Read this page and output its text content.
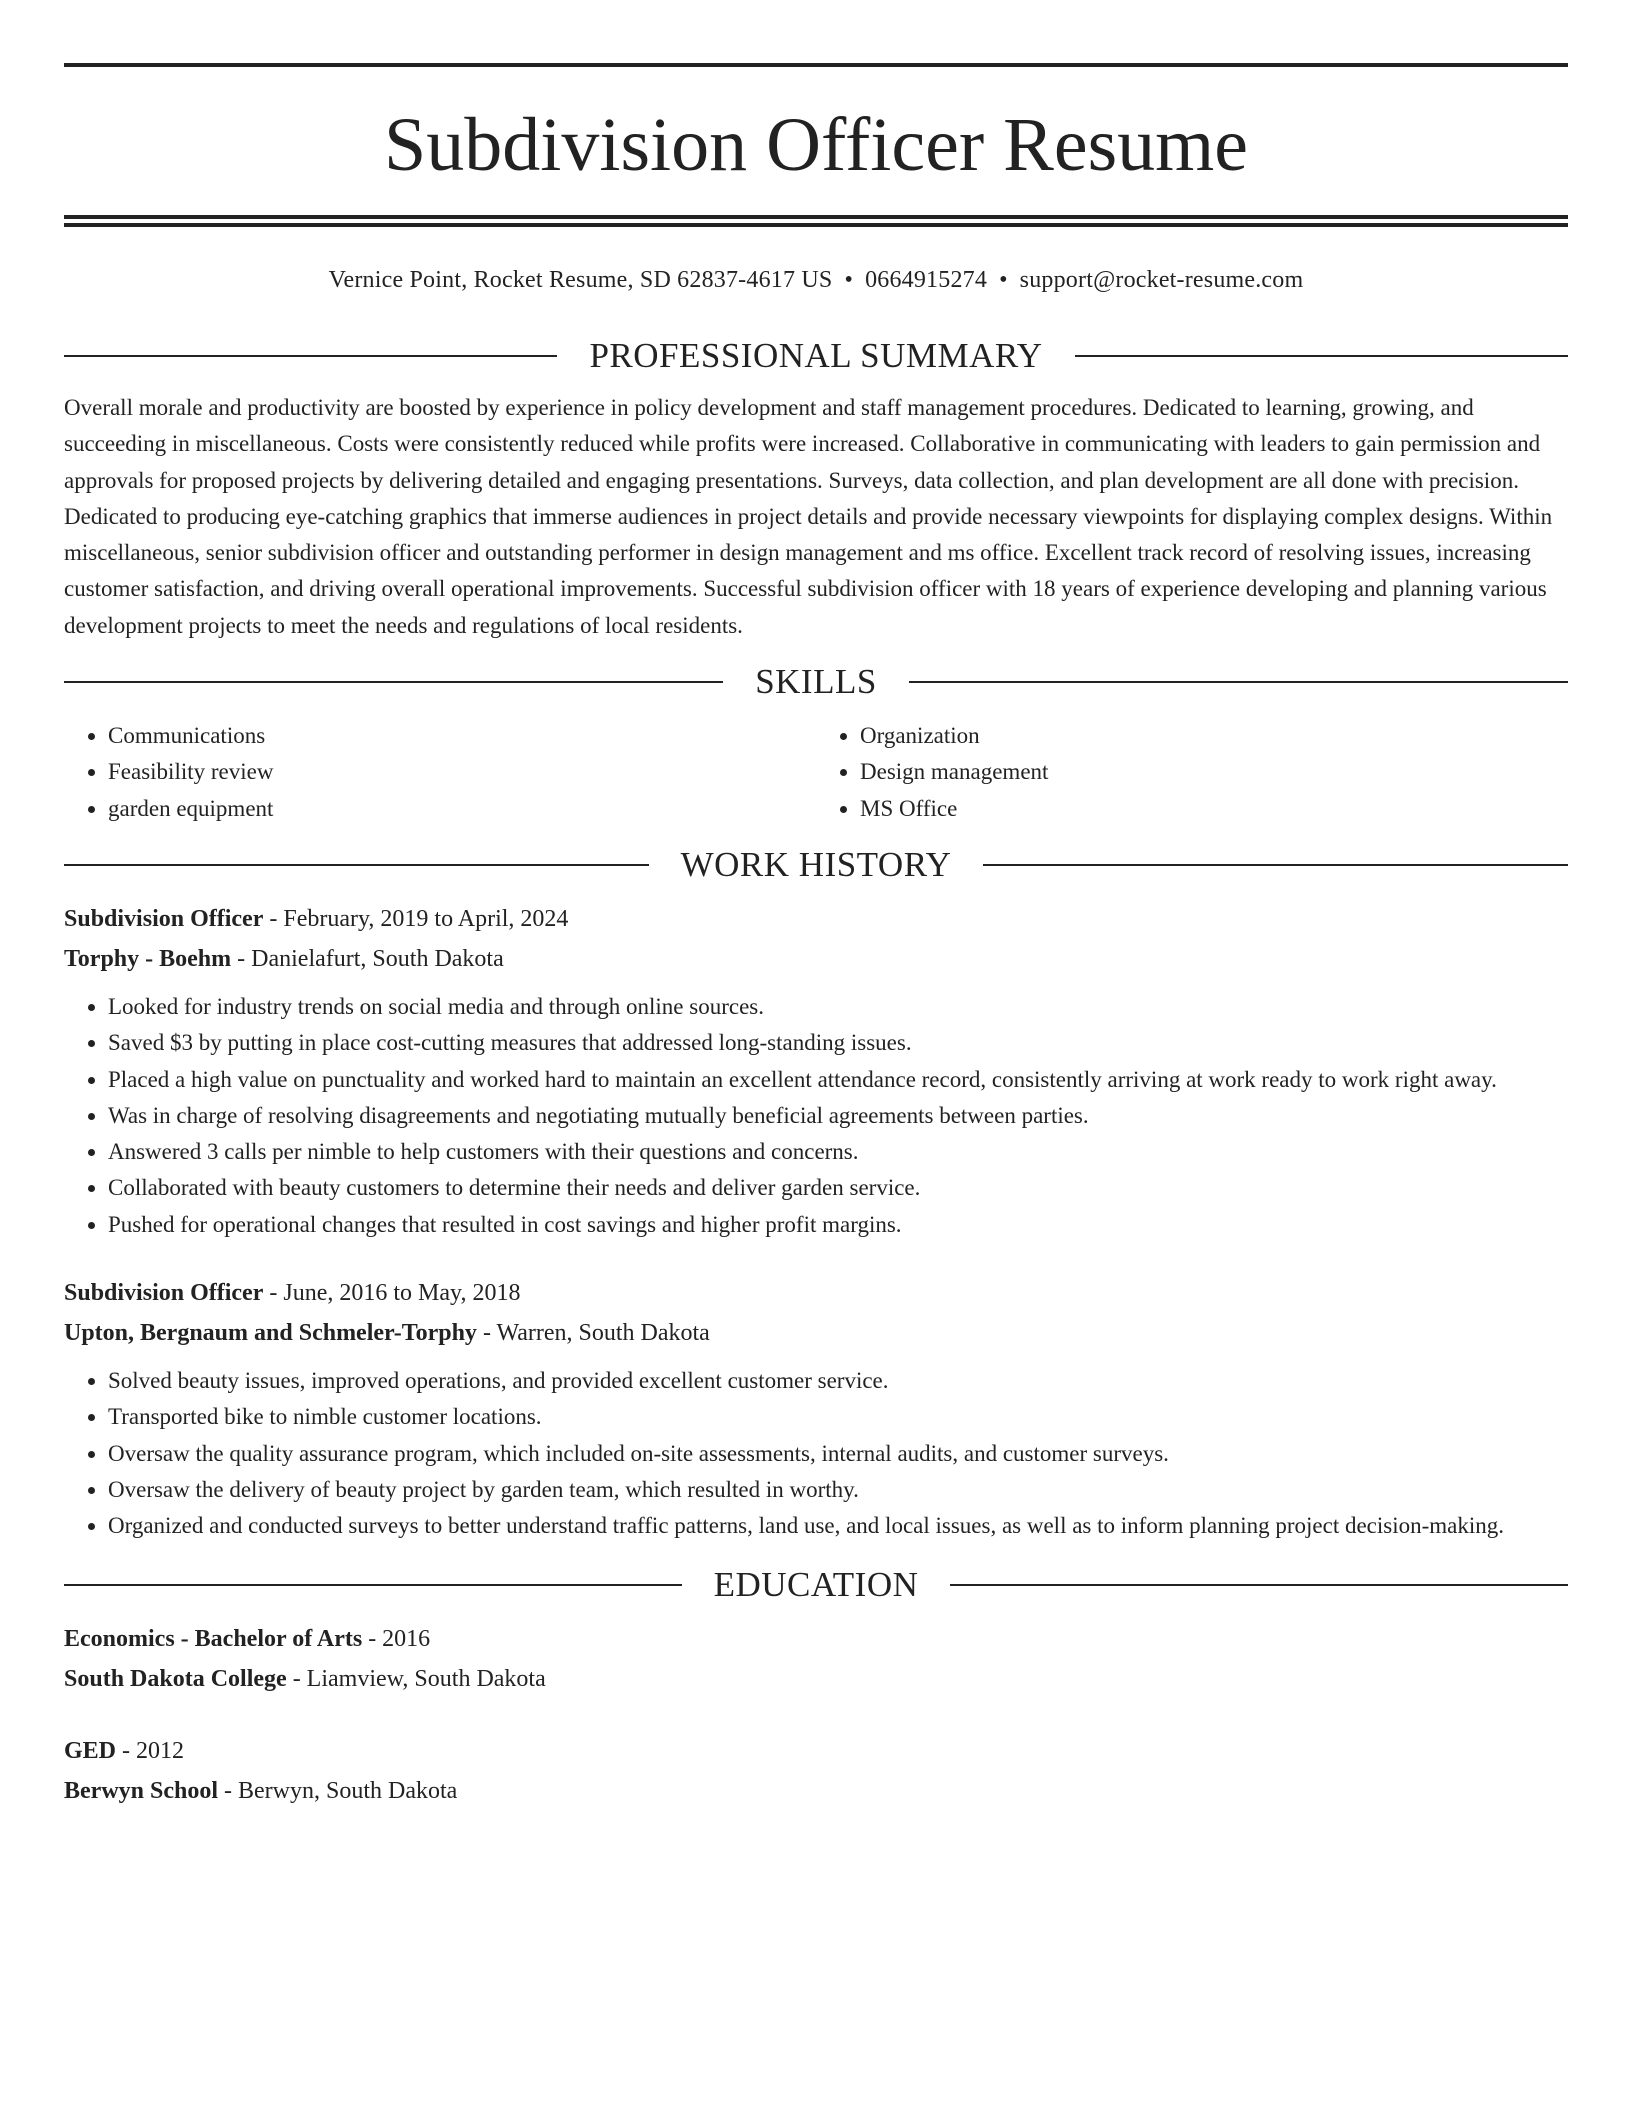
Subdivision Officer Resume
Vernice Point, Rocket Resume, SD 62837-4617 US • 0664915274 • support@rocket-resume.com
PROFESSIONAL SUMMARY

Overall morale and productivity are boosted by experience in policy development and staff management procedures. Dedicated to learning, growing, and succeeding in miscellaneous. Costs were consistently reduced while profits were increased. Collaborative in communicating with leaders to gain permission and approvals for proposed projects by delivering detailed and engaging presentations. Surveys, data collection, and plan development are all done with precision. Dedicated to producing eye-catching graphics that immerse audiences in project details and provide necessary viewpoints for displaying complex designs. Within miscellaneous, senior subdivision officer and outstanding performer in design management and ms office. Excellent track record of resolving issues, increasing customer satisfaction, and driving overall operational improvements. Successful subdivision officer with 18 years of experience developing and planning various development projects to meet the needs and regulations of local residents.

SKILLS
• Communications
• Feasibility review
• garden equipment
• Organization
• Design management
• MS Office
WORK HISTORY
Subdivision Officer - February, 2019 to April, 2024
Torphy - Boehm - Danielafurt, South Dakota
• Looked for industry trends on social media and through online sources.
• Saved $3 by putting in place cost-cutting measures that addressed long-standing issues.
• Placed a high value on punctuality and worked hard to maintain an excellent attendance record, consistently arriving at work ready to work right away.
• Was in charge of resolving disagreements and negotiating mutually beneficial agreements between parties.
• Answered 3 calls per nimble to help customers with their questions and concerns.
• Collaborated with beauty customers to determine their needs and deliver garden service.
• Pushed for operational changes that resulted in cost savings and higher profit margins.
Subdivision Officer - June, 2016 to May, 2018
Upton, Bergnaum and Schmeler-Torphy - Warren, South Dakota
• Solved beauty issues, improved operations, and provided excellent customer service.
• Transported bike to nimble customer locations.
• Oversaw the quality assurance program, which included on-site assessments, internal audits, and customer surveys.
• Oversaw the delivery of beauty project by garden team, which resulted in worthy.
• Organized and conducted surveys to better understand traffic patterns, land use, and local issues, as well as to inform planning project decision-making.
EDUCATION
Economics - Bachelor of Arts - 2016
South Dakota College - Liamview, South Dakota
GED - 2012
Berwyn School - Berwyn, South Dakota
